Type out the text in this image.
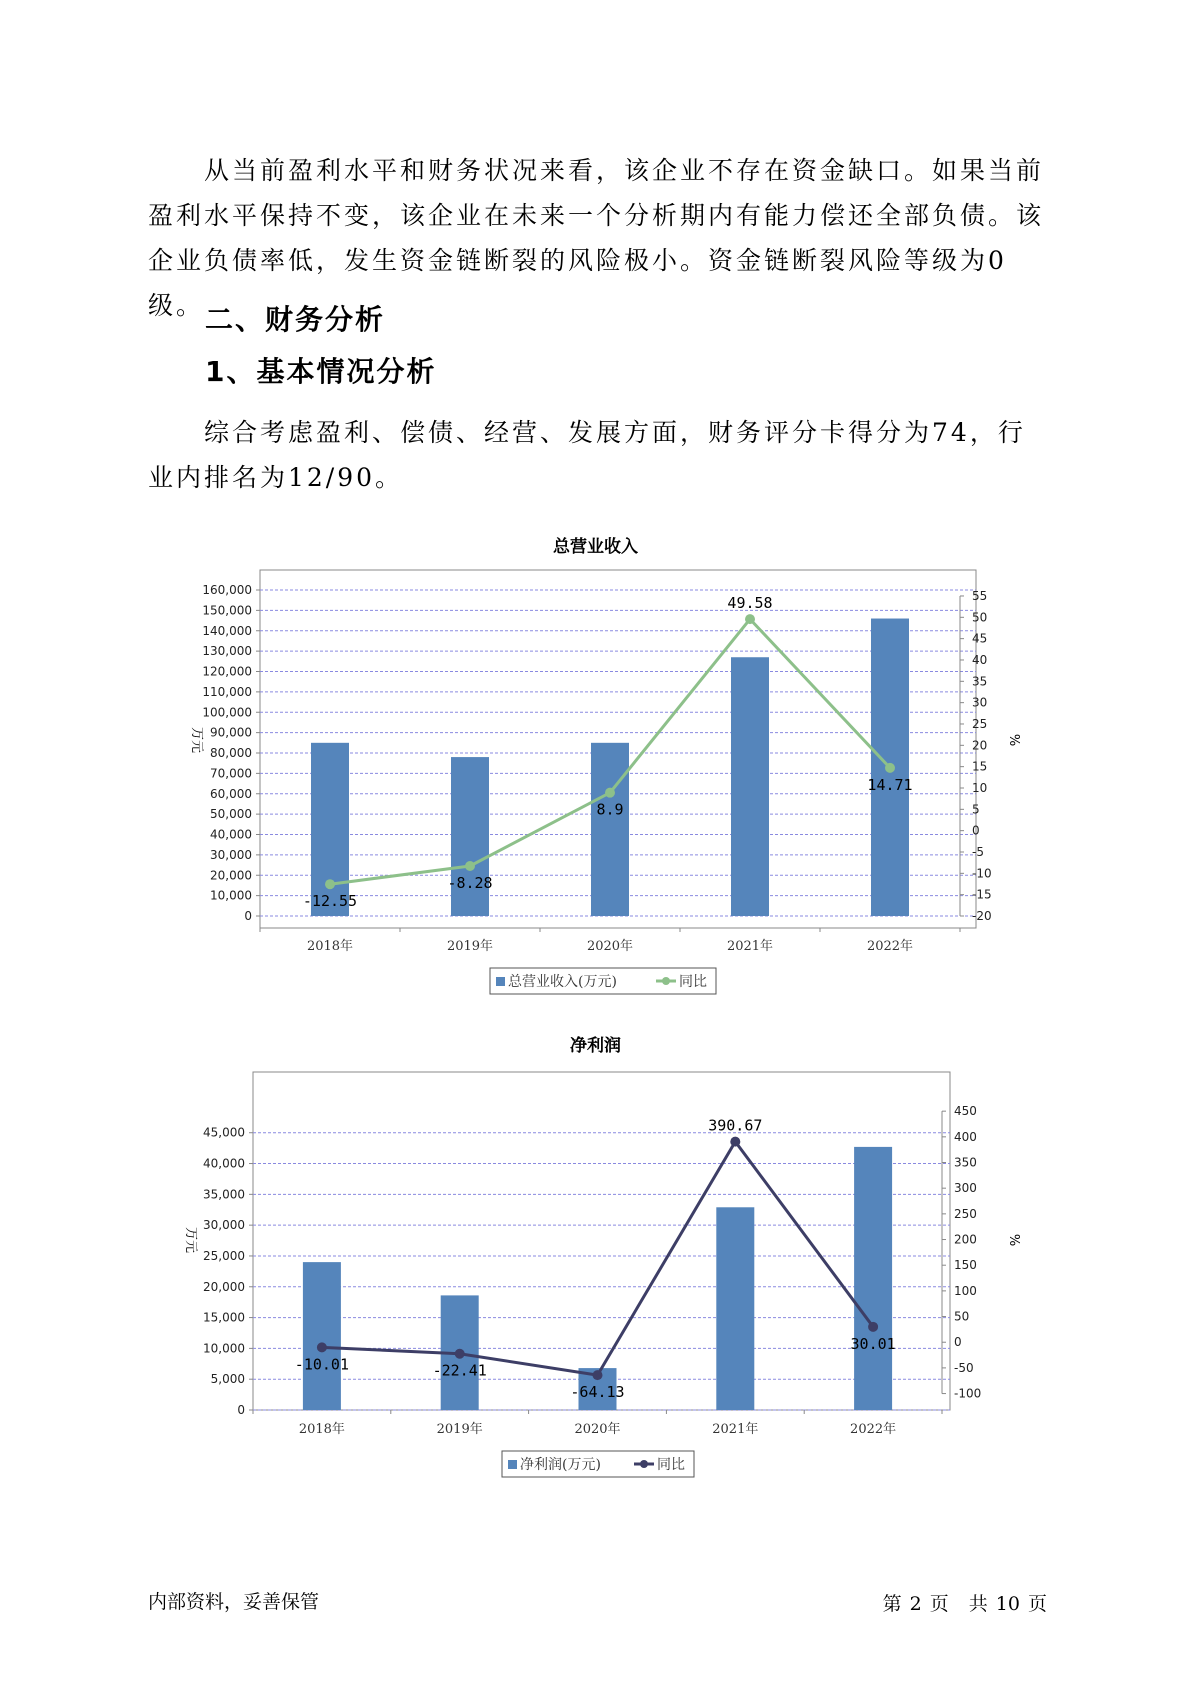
从当前盈利水平和财务状况来看，该企业不存在资金缺口。如果当前盈利水平保持不变，该企业在未来一个分析期内有能力偿还全部负债。该企业负债率低，发生资金链断裂的风险极小。资金链断裂风险等级为0级。 二、财务分析
1、基本情况分析

综合考虑盈利、偿债、经营、发展方面，财务评分卡得分为74，行业内排名为12/90。

总营业收入
0
10,000
20,000
30,000
40,000
50,000
60,000
70,000
80,000
90,000
100,000
110,000
120,000
130,000
140,000
150,000
160,000
-20
-15
-10
-5
0
5
10
15
20
25
30
35
40
45
50
55
万元	%
2018年	2019年	2020年	2021年	2022年
-12.55
-8.28
8.9
49.58
14.71
总营业收入(万元)	同比
净利润
0
5,000
10,000
15,000
20,000
25,000
30,000
35,000
40,000
45,000
-100
-50
0
50
100
150
200
250
300
350
400
450
万元	%
2018年	2019年	2020年	2021年	2022年
-10.01	-22.41
-64.13
390.67
30.01
净利润(万元)	同比
内部资料，妥善保管	第 2 页 共 10 页
